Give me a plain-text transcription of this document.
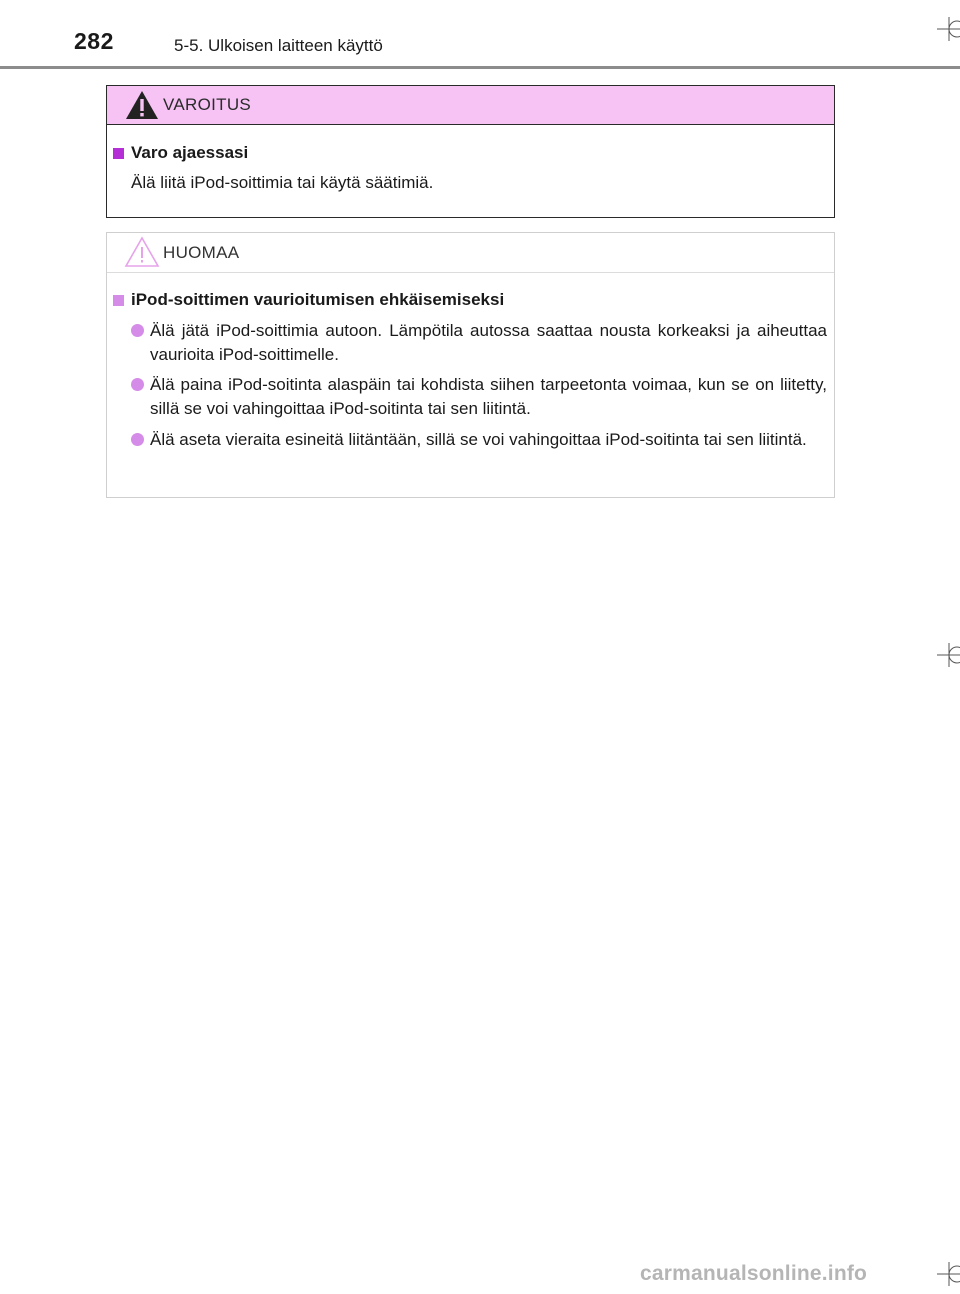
282	5-5. Ulkoisen laitteen käyttö
VAROITUS
Varo ajaessasi
Älä liitä iPod-soittimia tai käytä säätimiä.
HUOMAA
iPod-soittimen vaurioitumisen ehkäisemiseksi
Älä jätä iPod-soittimia autoon. Lämpötila autossa saattaa nousta korkeaksi ja aiheuttaa vaurioita iPod-soittimelle.
Älä paina iPod-soitinta alaspäin tai kohdista siihen tarpeetonta voimaa, kun se on liitetty, sillä se voi vahingoittaa iPod-soitinta tai sen liitintä.
Älä aseta vieraita esineitä liitäntään, sillä se voi vahingoittaa iPod-soitinta tai sen liitintä.
carmanualsonline.info
